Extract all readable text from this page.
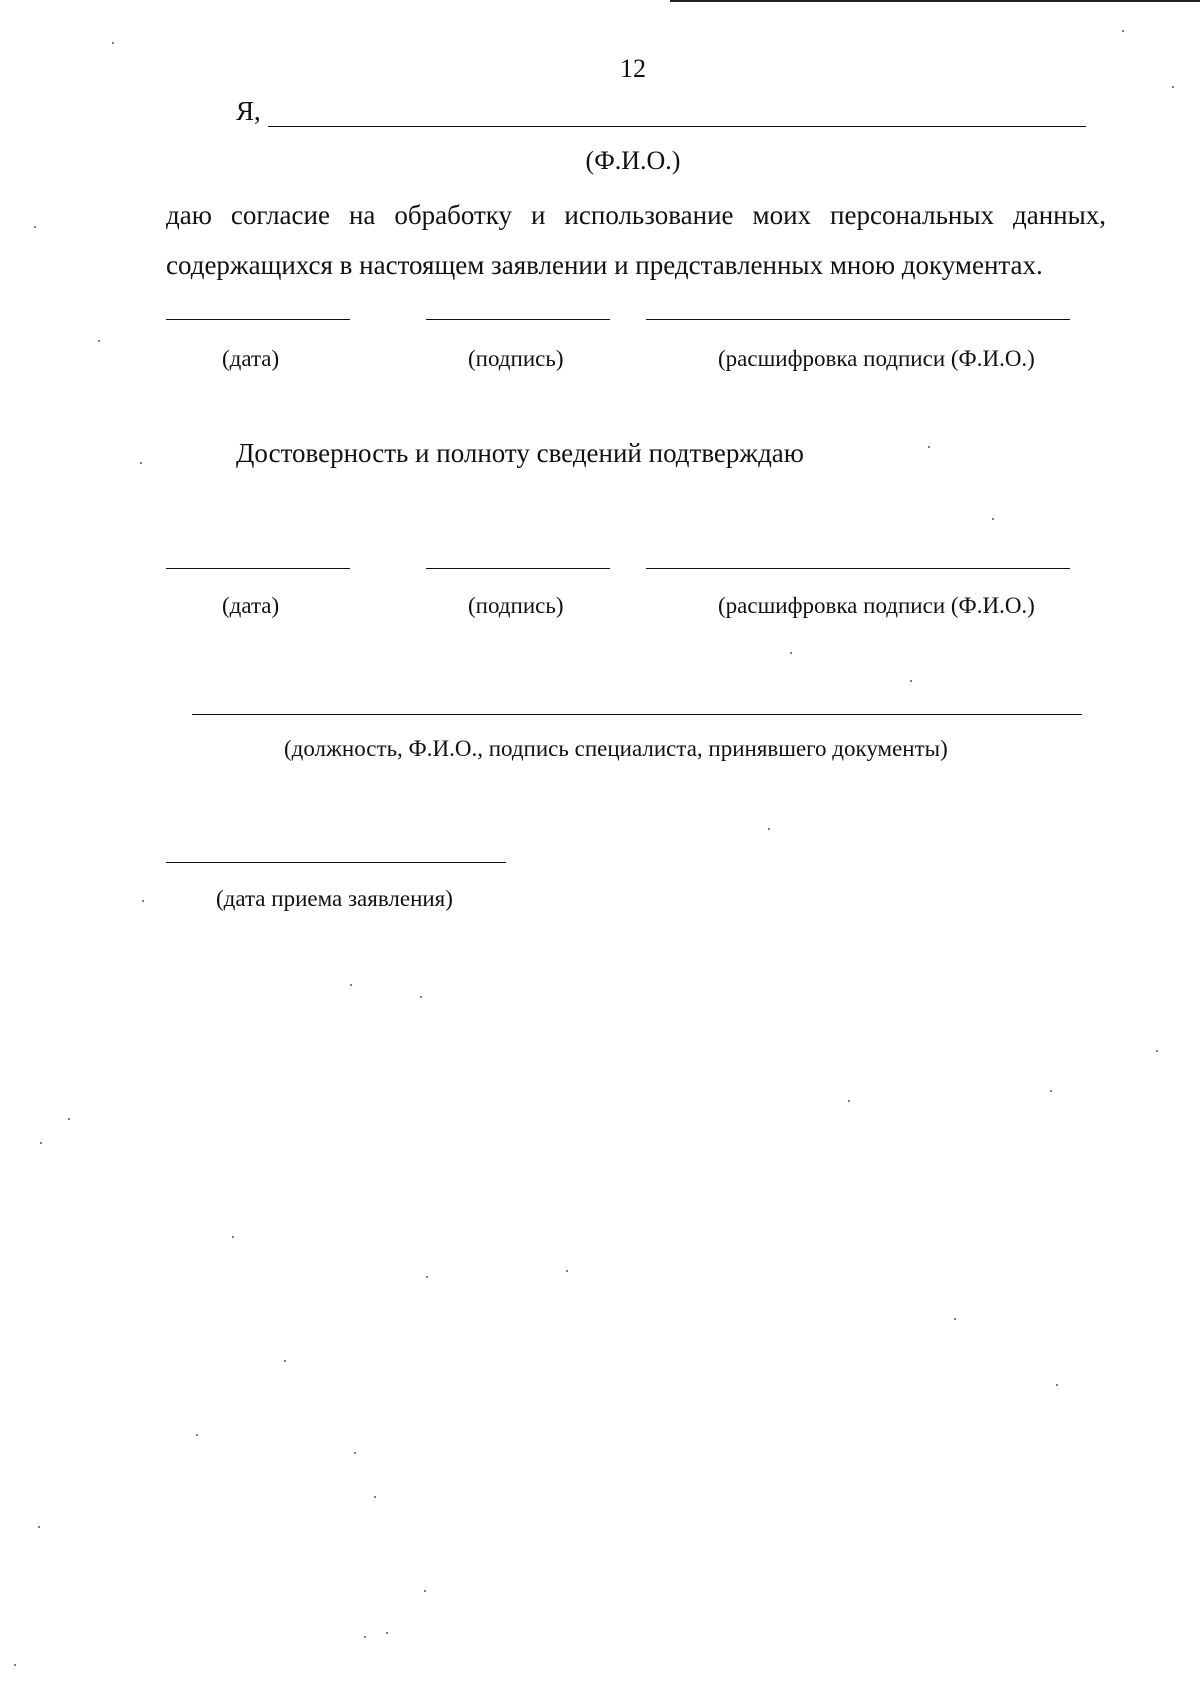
12
Я,
(Ф.И.О.)
даю согласие на обработку и использование моих персональных данных, содержащихся в настоящем заявлении и представленных мною документах.
(дата)	(подпись)	(расшифровка подписи (Ф.И.О.)
Достоверность и полноту сведений подтверждаю
(дата)	(подпись)	(расшифровка подписи (Ф.И.О.)
(должность, Ф.И.О., подпись специалиста, принявшего документы)
(дата приема заявления)
